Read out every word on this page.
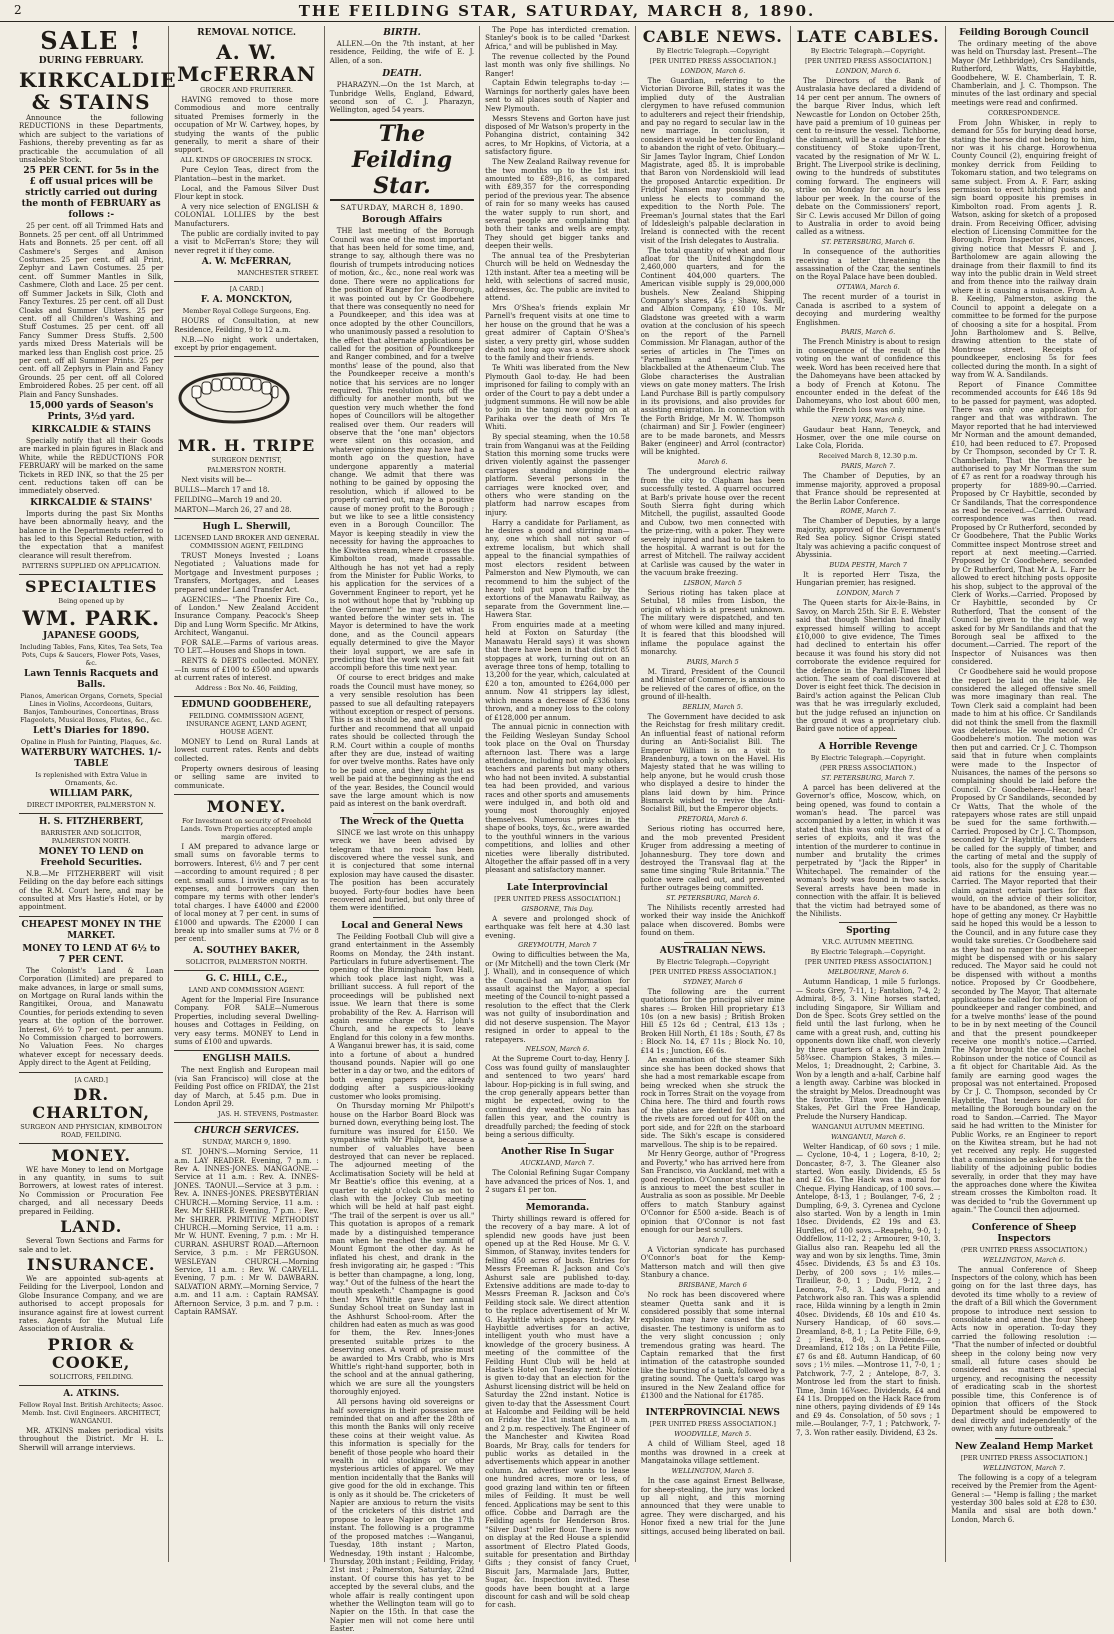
2	THE FEILDING STAR, SATURDAY, MARCH 8, 1890.
SALE !
DURING FEBRUARY.
KIRKCALDIE & STAINS

Announce the following REDUCTIONS in these Departments, which are subject to the variations of Fashions, thereby preventing as far as practicable the accumulation of all unsaleable Stock.

25 PER CENT. for 5s in the £ off usual prices will be strictly carried out during the month of FEBRUARY as follows :-

25 per cent. off all Trimmed Hats and Bonnets. 25 per cent. off all Untrimmed Hats and Bonnets. 25 per cent. off all Cashmere's Serges and Amison Costumes. 25 per cent. off all Print, Zephyr and Lawn Costumes. 25 per cent. off Summer Mantles in Silk, Cashmere, Cloth and Lace. 25 per cent. off Summer Jackets in Silk, Cloth and Fancy Textures. 25 per cent. off all Dust Cloaks and Summer Ulsters. 25 per cent. off all Children's Washing and Stuff Costumes. 25 per cent. off all Fancy Summer Dress Stuffs. 2,500 yards mixed Dress Materials will be marked less than English cost price. 25 per cent. off all Summer Prints. 25 per cent. off all Zephyrs in Plain and Fancy Grounds. 25 per cent. off all Colored Embroidered Robes. 25 per cent. off all Plain and Fancy Sunshades.

15,000 yards of Season's Prints, 3½d yard.
KIRKCALDIE & STAINS

Specially notify that all their Goods are marked in plain figures in Black and White, while the REDUCTIONS FOR FEBRUARY will be marked on the same Tickets in RED INK, so that the 25 per cent. reductions taken off can be immediately observed.

KIRKCALDIE & STAINS'

Imports during the past Six Months have been abnormally heavy, and the balance in the Departments referred to has led to this Special Reduction, with the expectation that a manifest clearance will result therefrom.

PATTERNS SUPPLIED ON APPLICATION.
SPECIALTIES
Being opened up by
WM. PARK.
JAPANESE GOODS,
Including Tables, Fans, Kites, Tea Sets, Tea Pots, Cups & Saucers, Flower Pots, Vases, &c.
Lawn Tennis Racquets and Balls.
Pianos, American Organs, Cornets, Special Lines in Violins, Accordeons, Guitars, Banjos, Tambourines, Concertinas, Brass Flageolets, Musical Boxes, Flutes, &c., &c.
Lett's Diaries for 1890.
Opaline in Plush for Painting, Plaques, &c.
WATERBURY WATCHES. 1/- TABLE
Is replenished with Extra Value in Ornaments, &c.
WILLIAM PARK,
DIRECT IMPORTER, PALMERSTON N.
H. S. FITZHERBERT,
BARRISTER AND SOLICITOR, PALMERSTON NORTH.
MONEY TO LEND on Freehold Securities.

N.B.—Mr FITZHERBERT will visit Feilding on the day before each sittings of the R.M. Court here, and may be consulted at Mrs Hastie's Hotel, or by appointment.

CHEAPEST MONEY IN THE MARKET.
MONEY TO LEND AT 6½ to 7 PER CENT.

The Colonist's Land & Loan Corporation (Limited) are prepared to make advances, in large or small sums, on Mortgage on Rural lands within the Rangitikei, Oroua, and Manawatu Counties, for periods extending to seven years at the option of the borrower. Interest, 6½ to 7 per cent. per annum. No Commission charged to borrowers. No Valuation Fees. No charges whatever except for necessary deeds. Apply direct to the Agent at Feilding,

[A CARD.]
DR. CHARLTON,
SURGEON AND PHYSICIAN, KIMBOLTON ROAD, FEILDING.
MONEY.

WE have Money to lend on Mortgage in any quantity, in sums to suit Borrowers, at lowest rates of interest. No Commission or Procuration Fee charged, and all necessary Deeds prepared in Feilding.

LAND.

Several Town Sections and Farms for sale and to let.

INSURANCE.

We are appointed sub-agents at Feilding for the Liverpool, London and Globe Insurance Company, and we are authorised to accept proposals for insurance against fire at lowest current rates. Agents for the Mutual Life Association of Australia.

PRIOR & COOKE,
SOLICITORS, FEILDING.
A. ATKINS.
Fellow Royal Inst. British Architects; Assoc. Memb. Inst. Civil Engineers. ARCHITECT, WANGANUI.

MR. ATKINS makes periodical visits throughout the District. Mr H. L. Sherwill will arrange interviews.

REMOVAL NOTICE.
A. W. McFERRAN
GROCER AND FRUITERER.

HAVING removed to those more Commodious and more centrally situated Premises formerly in the occupation of Mr W. Cartwey, hopes, by studying the wants of the public generally, to merit a share of their support.

ALL KINDS OF GROCERIES IN STOCK.

Pure Ceylon Teas, direct from the Plantation—best in the market.

Local, and the Famous Silver Dust Flour kept in stock.

A very nice selection of ENGLISH & COLONIAL LOLLIES by the best Manufacturers.

The public are cordially invited to pay a visit to McFerran's Store; they will never regret it if they come.

A. W. McFERRAN,
MANCHESTER STREET.
[A CARD.]
F. A. MONCKTON,
Member Royal College Surgeons, Eng.

HOURS of Consultation, at new Residence, Feilding, 9 to 12 a.m.

N.B.—No night work undertaken, except by prior engagement.

MR. H. TRIPE
SURGEON DENTIST,
PALMERSTON NORTH.

Next visits will be—

BULLS—March 17 and 18.

FEILDING—March 19 and 20.

MARTON—March 26, 27 and 28.

Hugh L. Sherwill,
LICENSED LAND BROKER AND GENERAL COMMISSION AGENT, FEILDING

TRUST Moneys Invested ; Loans Negotiated ; Valuations made for Mortgage and Investment purposes ; Transfers, Mortgages, and Leases prepared under Land Transfer Act.

AGENCIES— "The Phoenix Fire Co., of London." New Zealand Accident Insurance Company. Peacock's Sheep Dip and Lung Worm Specific. Mr Atkins, Architect, Wanganui.

FOR SALE.—Farms of various areas. TO LET.—Houses and Shops in town.

RENTS & DEBTS collected. MONEY.—In sums of £100 to £500 and upwards at current rates of interest.

Address : Box No. 46, Feilding,
EDMUND GOODBEHERE,
FEILDING. COMMISSION AGENT, INSURANCE AGENT, LAND AGENT, HOUSE AGENT.

MONEY to Lend on Rural Lands at lowest current rates. Rents and debts collected.

Property owners desirous of leasing or selling same are invited to communicate.

MONEY.
For Investment on security of Freehold Lands. Town Properties accepted ample margin offered.

I AM prepared to advance large or small sums on favorable terms to borrowers. Interest, 6½ and 7 per cent—according to amount required ; 8 per cent. small sums. I invite enquiry as to expenses, and borrowers can then compare my terms with other lender's total charges. I have £4000 and £2000 of local money at 7 per cent. in sums of £1000 and upwards. The £2000 I can break up into smaller sums at 7½ or 8 per cent.

A. SOUTHEY BAKER,
SOLICITOR, PALMERSTON NORTH.
G. C. HILL, C.E.,
LAND AND COMMISSION AGENT.

Agent for the Imperial Fire Insurance Company. FOR SALE—Numerous Properties, including several Dwelling-houses and Cottages in Feilding, on very easy terms. MONEY to Lend in sums of £100 and upwards.

ENGLISH MAILS.

The next English and European mail (via San Francisco) will close at the Feilding Post office on FRIDAY, the 21st day of March, at 5.45 p.m. Due in London April 29.

JAS. H. STEVENS, Postmaster.
CHURCH SERVICES.
SUNDAY, MARCH 9, 1890.

ST. JOHN'S.—Morning Service, 11 a.m. LAY READER. Evening, 7 p.m. : Rev A. INNES-JONES. MANGAONE.—Service at 11 a.m. : Rev. A. INNES-JONES. TAONUI.—Service at 3 p.m. : Rev. A. INNES-JONES. PRESBYTERIAN CHURCH.—Morning Service, 11 a.m. : Rev. Mr SHIRER. Evening, 7 p.m. : Rev. Mr SHIRER. PRIMITIVE METHODIST CHURCH.—Morning Service, 11 a.m. : Mr W. HUNT. Evening, 7 p.m. : Mr H. CURRAN. ASHURST ROAD.—Afternoon Service, 3 p.m. : Mr FERGUSON. WESLEYAN CHURCH.—Morning Service, 11 a.m. : Rev. W. CARVELL. Evening, 7 p.m. : Mr W. DAWBARN. SALVATION ARMY.—Morning Service, 7 a.m. and 11 a.m. : Captain RAMSAY. Afternoon Service, 3 p.m. and 7 p.m. : Captain RAMSAY.

BIRTH.

ALLEN.—On the 7th instant, at her residence, Feilding, the wife of E. J. Allen, of a son.

DEATH.

PHARAZYN.—On the 1st March, at Tunbridge Wells, England, Edward, second son of C. J. Pharazyn, Wellington, aged 54 years.

The Feilding Star.
SATURDAY, MARCH 8, 1890.
Borough Affairs

THE last meeting of the Borough Council was one of the most important that has been held for some time, and, strange to say, although there was no flourish of trumpets introducing notices of motion, &c., &c., none real work was done. There were no applications for the position of Ranger for the Borough, it was pointed out by Cr Goodbehere that there was consequently no need for a Poundkeeper, and this idea was at once adopted by the other Councillors, who unanimously passed a resolution to the effect that alternate applications be called for the position of Poundkeeper and Ranger combined, and for a twelve months' lease of the pound, also that the Poundkeeper receive a month's notice that his services are no longer required. This resolution puts off the difficulty for another month, but we question very much whether the fond hopes of Councillors will be altogether realised over them. Our readers will observe that the "one man" objectors were silent on this occasion, and whatever opinions they may have had a month ago on the question, have undergone apparently a material change. We admit that there was nothing to be gained by opposing the resolution, which if allowed to be properly carried out, may be a positive cause of money profit to the Borough ; but we like to see a little consistency even in a Borough Councillor. The Mayor is keeping steadily in view the necessity for having the approaches to the Kiwitea stream, where it crosses the Kimbolton road, made passable. Although he has not yet had a reply from the Minister for Public Works, to his application for the services of a Government Engineer to report, yet he is not without hope that by "rubbing up the Government" he may get what is wanted before the winter sets in. The Mayor is determined to have the work done, and as the Council appears equally determined to give the Mayor their loyal support, we are safe in predicting that the work will be un fait accompli before this time next year.

Of course to erect bridges and make roads the Council must have money, so a very sensible resolution has been passed to sue all defaulting ratepayers without exception or respect of persons. This is as it should be, and we would go further and recommend that all unpaid rates should be collected through the R.M. Court within a couple of months after they are due, instead of waiting for over twelve months. Rates have only to be paid once, and they might just as well be paid at the beginning as the end of the year. Besides, the Council would save the large amount which is now paid as interest on the bank overdraft.

The Wreck of the Quetta

SINCE we last wrote on this unhappy wreck we have been advised by telegram that no rock has been discovered where the vessel sunk, and it is conjectured that some internal explosion may have caused the disaster. The position has been accurately buoyed. Forty-four bodies have been recovered and buried, but only three of them were identified.

Local and General News

The Feilding Football Club will give a grand entertainment in the Assembly Rooms on Monday, the 24th instant. Particulars in future advertisement. The opening of the Birmingham Town Hall, which took place last night, was a brilliant success. A full report of the proceedings will be published next issue. We learn that there is some probability of the Rev. A. Harrison will again resume charge of St. John's Church, and he expects to leave England for this colony in a few months. A Wanganui brewer has, it is said, come into a fortune of about a hundred thousand pounds. Napier will go one better in a day or two, and the editors of both evening papers are already dodging after a suspicious-looking customer who looks promising.

On Thursday morning Mr Philpott's house on the Harbor Board Block was burned down, everything being lost. The furniture was insured for £150. We sympathise with Mr Philpott, because a number of valuables have been destroyed that can never be replaced. The adjourned meeting of the Acclimatisation Society will be held at Mr Beattie's office this evening, at a quarter to eight o'clock so as not to clash with the Jockey Club meeting which will be held at half past eight. "The trail of the serpent is over us all." This quotation is apropos of a remark made by a distinguished temperance man when he reached the summit of Mount Egmont the other day. As he inflated his chest, and drank in the fresh invigorating air, he gasped : "This is better than champagne, a long, long, way." Out of the fulness of the heart the mouth speaketh." Champagne is good then! Mrs Whittle gave her annual Sunday School treat on Sunday last in the Ashhurst School-room. After the children had eaten as much as was good for them, the Rev. Innes-Jones presented suitable prizes to the deserving ones. A word of praise must be awarded to Mrs Crabb, who is Mrs Whittle's right-hand supporter, both in the school and at the annual gathering, which we are sure all the youngsters thoroughly enjoyed.

All persons having old sovereigns or half sovereigns in their possession are reminded that on and after the 28th of this month the Banks will only receive these coins at their weight value. As this information is specially for the benefit of those people who hoard their wealth in old stockings or other mysterious articles of apparel. We may mention incidentally that the Banks will give good for the old in exchange. This is only as it should be. The cricketers of Napier are anxious to return the visits of the cricketers of this district and propose to leave Napier on the 17th instant. The following is a programme of the proposed matches :—Wanganui, Tuesday, 18th instant ; Marton, Wednesday, 19th instant ; Halcombe, Thursday, 20th instant ; Feilding, Friday, 21st inst ; Palmerston, Saturday, 22nd instant. Of course this has yet to be accepted by the several clubs, and the whole affair is really contingent upon whether the Wellington team will go to Napier on the 15th. In that case the Napier men will not come here until Easter.

The Pope has interdicted cremation. Stanley's book is to be called "Darkest Africa," and will be published in May.

The revenue collected by the Pound last month was only five shillings. No Ranger!

Captain Edwin telegraphs to-day :— Warnings for northerly gales have been sent to all places south of Napier and New Plymouth.

Messrs Stevens and Gorton have just disposed of Mr Watson's property in the Pohangina district, containing 342 acres, to Mr Hopkins, of Victoria, at a satisfactory figure.

The New Zealand Railway revenue for the two months up to the 1st inst. amounted to £89-,816, as compared with £89,357 for the corresponding period of the previous year. The absence of rain for so many weeks has caused the water supply to run short, and several people are complaining that both their tanks and wells are empty. They should get bigger tanks and deepen their wells.

The annual tea of the Presbyterian Church will be held on Wednesday the 12th instant. After tea a meeting will be held, with selections of sacred music, addresses, &c. The public are invited to attend.

Mrs O'Shea's friends explain Mr Parnell's frequent visits at one time to her house on the ground that he was a great admirer of Captain O'Shea's sister, a very pretty girl, whose sudden death not long ago was a severe shock to the family and their friends.

Te Whiti was liberated from the New Plymouth Gaol to-day. He had been imprisoned for failing to comply with an order of the Court to pay a debt under a judgment summons. He will now be able to join in the tangi now going on at Parihaka over the death of Mrs Te Whiti.

By special steaming, when the 10.58 train from Wanganui was at the Feilding Station this morning some trucks were driven violently against the passenger carriages standing alongside the platform. Several persons in the carriages were knocked over, and others who were standing on the platform had narrow escapes from injury.

Harry a candidate for Parliament, as he desires a good and stirring man—any, one which shall not savor of extreme localism, but which shall appeal to the financial sympathies of most electors resident between Palmerston and New Plymouth, we can recommend to him the subject of the heavy toll put upon traffic by the extortions of the Manawatu Railway, as separate from the Government line.—Hawera Star.

From enquiries made at a meeting held at Foxton on Saturday (the Manawatu Herald says) it was shown that there have been in that district 85 stoppages at work, turning out on an average three tons of hemp, totalling to 13,200 for the year, which, calculated at £20 a ton, amounted to £264,000 per annum. Now 41 strippers lay idlest, which means a decrease of £336 tons thrown, and a money loss to the colony of £128,000 per annum.

The annual picnic in connection with the Feilding Wesleyan Sunday School took place on the Oval on Thursday afternoon last. There was a large attendance, including not only scholars, teachers and parents but many others who had not been invited. A substantial tea had been provided, and various races and other sports and amusements were indulged in, and both old and young most thoroughly enjoyed themselves. Numerous prizes in the shape of books, toys, &c., were awarded to the youthful winners in the various competitions, and lollies and other niceties were liberally distributed. Altogether the affair passed off in a very pleasant and satisfactory manner.

Late Interprovincial
[PER UNITED PRESS ASSOCIATION.]
GISBORNE, This Day.

A severe and prolonged shock of earthquake was felt here at 4.30 last evening.

GREYMOUTH, March 7

Owing to difficulties between the Ma, or (Mr Mitchell) and the town Clerk (Mr J. Whall), and in consequence of which the Council-had an information for assault against the Mayor, a special meeting of the Council to-night passed a resolution to the effect that the Clerk was not guilty of insubordination and did not deserve suspension. The Mayor resigned in order to appeal to the ratepayers.

NELSON, March 6.

At the Supreme Court to-day, Henry J. Coss was found guilty of manslaughter and sentenced to two years' hard labour. Hop-picking is in full swing, and the crop generally appears better than might be expected, owing to the continued dry weather. No rain has fallen this year, and the country is dreadfully parched; the feeding of stock being a serious difficulty.

Another Rise In Sugar
AUCKLAND, March 7.

The Colonial Refining Sugar Company have advanced the prices of Nos. 1, and 2 sugars £1 per ton.

Memoranda.

Thirty shillings reward is offered for the recovery of a bay mare. A lot of splendid new goods have just been opened up at the Red House. Mr G. V. Simmon, of Stanway, invites tenders for felling 450 acres of bush. Entries for Messrs Freeman R. Jackson and Co's Ashurst sale are published to-day. Extensive additions are made to-day to Messrs Freeman R. Jackson and Co's Feilding stock sale. We direct attention to the replace advertisement of Mr W. G. Haybittle which appears to-day. Mr Haybittle advertises for an active, intelligent youth who must have a knowledge of the grocery business. A meeting of the committee of the Feilding Hunt Club will be held at Hastie's Hotel on Tuesday next. Notice is given to-day that an election for the Ashurst licensing district will be held on Saturday the 22nd instant. Notice is given to-day that the Assessment Court at Halcombe and Feilding will be held on Friday the 21st instant at 10 a.m. and 2 p.m. respectively. The Engineer of the Manchester and Kiwitea Road Boards, Mr Bray, calls for tenders for public works as detailed in the advertisements which appear in another column. An advertiser wants to lease one hundred acres, more or less, of good grazing land within ten or fifteen miles of Feilding. It must be well fenced. Applications may be sent to this office. Cobbe and Darragh are the Feilding agents for Henderson Bros. "Silver Dust" roller flour. There is now on display at the Red House a splendid assortment of Electro Plated Goods, suitable for presentation and Birthday Gifts ; they consist of fancy Cruet, Biscuit Jars, Marmalade Jars, Butter, Sugar, &c. Inspection invited. These goods have been bought at a large discount for cash and will be sold cheap for cash.

CABLE NEWS.
By Electric Telegraph.—Copyright
[PER UNITED PRESS ASSOCIATION.]
LONDON, March 6.

The Guardian, referring to the Victorian Divorce Bill, states it was the implied duty of the Australian clergymen to have refused communion to adulterers and reject their friendship, and pay no regard to secular law in the new marriage. In conclusion, it considers it would be better for England to abandon the right of veto. Obituary.—Sir James Taylor Ingram, Chief London Magistrate, aged 85. It is improbable that Baron von Nordenskiold will lead the proposed Antarctic expedition. Dr Fridtjof Nansen may possibly do so, unless he elects to command the expedition to the North Pole. The Freeman's Journal states that the Earl of Iddesleigh's palpable declaration in Ireland is connected with the recent visit of the Irish delegates to Australia.

The total quantity of wheat and flour afloat for the United Kingdom is 2,460,000 quarters, and for the Continent 404,000 quarters. The American visible supply is 29,000,000 bushels. New Zealand Shipping Company's shares, 45s ; Shaw, Savill, and Albion Company, £10 10s. Mr Gladstone was greeted with a warm ovation at the conclusion of his speech on the report of the Parnell Commission. Mr Flanagan, author of the series of articles in The Times on "Parnellism and Crime," was blackballed at the Athenaeum Club. The Globe characterises the Australian views on gate money matters. The Irish Land Purchase Bill is partly compulsory in its provisions, and also provides for assisting emigration. In connection with the Forth Bridge, Mr M. W. Thompson (chairman) and Sir J. Fowler (engineer) are to be made baronets, and Messrs Baker (engineer) and Arrol (contractor) will be knighted.

March 6.

The underground electric railway from the city to Clapham has been successfully tested. A quarrel occurred at Barb's private house over the recent South Sierra fight during which Mitchell, the pugilist, assaulted Goode and Cubow, two men connected with the prize-ring, with a poker. They were severely injured and had to be taken to the hospital. A warrant is out for the arrest of Mitchell. The railway accident at Carlisle was caused by the water in the vacuum brake freezing.

LISBON, March 5

Serious rioting has taken place at Setubal, 18 miles from Lisbon, the origin of which is at present unknown. The military were dispatched, and ten of whom were killed and many injured. It is feared that this bloodshed will inflame the populace against the monarchy.

PARIS, March 5

M. Tirard, President of the Council and Minister of Commerce, is anxious to be relieved of the cares of office, on the ground of ill-health.

BERLIN, March 5.

The Government have decided to ask the Reichstag for fresh military credit. An influential feast of national reform during an Anti-Socialist Bill. The Emperor William is on a visit to Brandenburg, a town on the Havel. His Majesty stated that he was willing to help anyone, but he would crush those who displayed a desire to hinder the plans laid down by him. Prince Bismarck wished to revive the Anti-Socialist Bill, but the Emperor objects.

PRETORIA, March 6.

Serious rioting has occurred here, and the mob prevented President Kruger from addressing a meeting of Johannesburg. They tore down and destroyed the Transvaal flag at the same time singing "Rule Britannia." The police were called out, and prevented further outrages being committed.

ST. PETERSBURG, March 6.

The Nihilists recently arrested had worked their way inside the Anichkoff palace when discovered. Bombs were found on them.

AUSTRALIAN NEWS.
By Electric Telegraph.—Copyright
[PER UNITED PRESS ASSOCIATION.]
SYDNEY, March 6

The following are the current quotations for the principal silver mine shares :— Broken Hill proprietary £13 10s (on a new basis) ; British Broken Hill £5 12s 6d ; Central, £13 13s ; Broken Hill North, £1 18s ; South, £7 8s : Block No. 14, £7 11s ; Block No. 10, £14 1s ; Junction, £6 6s.

An examination of the steamer Sikh since she has been docked shows that she had a most remarkable escape from being wrecked when she struck the rock in Torres Strait on the voyage from China here. The third and fourth rows of the plates are dented for 13in, and the rivets are forced out for 40ft on the port side, and for 22ft on the starboard side. The Sikh's escape is considered marvellous. The ship is to be repaired.

Mr Henry George, author of "Progress and Poverty," who has arrived here from San Francisco, via Auckland, met with a good reception. O'Connor states that he is anxious to meet the best sculler in Australia as soon as possible. Mr Deeble offers to match Stanbury against O'Connor for £500 a-side. Beach is of opinion that O'Connor is not fast enough for our best scullers.

March 7.

A Victorian syndicate has purchased O'Connor's boat for the Kemp-Matterson match and will then give Stanbury a chance.

BRISBANE, March 6

No rock has been discovered where steamer Quetta sank and it is considered possibly that some internal explosion may have caused the sad disaster. The testimony is uniform as to the very slight concussion ; only tremendous grating was heard. The Captain remarked that the first intimation of the catastrophe sounded like the bursting of a tank, followed by a grating sound. The Quetta's cargo was insured in the New Zealand office for £1300 and the National for £1785.

INTERPROVINCIAL NEWS
[PER UNITED PRESS ASSOCIATION.]
WOODVILLE, March 5.

A child of William Steel, aged 18 months was drowned in a creek at Mangatainoka village settlement.

WELLINGTON, March 5.

In the case against Ernest Bellwase, for sheep-stealing, the jury was locked up all night, and this morning announced that they were unable to agree. They were discharged, and his Honor fixed a new trial for the June sittings, accused being liberated on bail.

LATE CABLES.
By Electric Telegraph.—Copyright.
[PER UNITED PRESS ASSOCIATION.]
LONDON, March 6.

The Directors of the Bank of Australasia have declared a dividend of 14 per cent per annum. The owners of the barque River Indus, which left Newcastle for London on October 25th, have paid a premium of 10 guineas per cent to re-insure the vessel. Tichborne, the claimant, will be a candidate for the constituency of Stoke upon-Trent, vacated by the resignation of Mr W. L. Bright. The Liverpool strike is declining, owing to the hundreds of substitutes coming forward. The engineers will strike on Monday for an hour's less labour per week. In the course of the debate on the Commissioners' report, Sir C. Lewis accused Mr Dillon of going to Australia in order to avoid being called as a witness.

ST. PETERSBURG, March 6.

In consequence of the authorities receiving a letter threatening the assassination of the Czar, the sentinels on the Royal Palace have been doubled.

OTTAWA, March 6.

The recent murder of a tourist in Canada is ascribed to a system of decoying and murdering wealthy Englishmen.

PARIS, March 6.

The French Ministry is about to resign in consequence of the result of the voting on the want of confidence this week. Word has been received here that the Dahomeyans have been attacked by a body of French at Kotonu. The encounter ended in the defeat of the Dahomeyans, who lost about 600 men, while the French loss was only nine.

NEW YORK, March 6.

Gaudaur beat Hann, Teneyck, and Hosmer, over the one mile course on Lake Cola, Florida.

Received March 8, 12.30 p.m.
PARIS, March 7.

The Chamber of Deputies, by an immense majority, approved a proposal that France should be represented at the Berlin Labor Conference.

ROME, March 7.

The Chamber of Deputies, by a large majority, approved of the Government's Red Sea policy. Signor Crispi stated Italy was achieving a pacific conquest of Abyssinia.

BUDA PESTH, March 7

It is reported Herr Tisza, the Hungarian premier, has resigned.

LONDON, March 7

The Queen starts for Aix-le-Bains, in Savoy, on March 25th. Sir E. E. Webster said that though Sheridan had finally expressed himself willing to accept £10,000 to give evidence, The Times had declined to entertain his offer because it was found his story did not corroborate the evidence required for the defence in the Parnell-Times libel action. The seam of coal discovered at Dover is eight feet thick. The decision in Baird's action against the Pelican Club was that he was irregularly excluded, but the judge refused an injunction on the ground it was a proprietary club. Baird gave notice of appeal.

A Horrible Revenge
By Electric Telegraph.—Copyright.
(PER PRESS ASSOCIATION.)
ST. PETERSBURG, March 7.

A parcel has been delivered at the Governor's office, Moscow, which, on being opened, was found to contain a woman's head. The parcel was accompanied by a letter, in which it was stated that this was only the first of a series of exploits, and it was the intention of the murderer to continue in number and brutality the crimes perpetrated by "Jack the Ripper" in Whitechapel. The remainder of the woman's body was found in two sacks. Several arrests have been made in connection with the affair. It is believed that the victim had betrayed some of the Nihilists.

Sporting
V.R.C. AUTUMN MEETING.
By Electric Telegraph.—Copyright.
[PER UNITED PRESS ASSOCIATION.]
MELBOURNE, March 6.

Autumn Handicap, 1 mile 5 furlongs.— Scots Grey, 7-11, 1; Fantalion, 7-4, 2; Admiral, 8-5, 3. Nine horses started, including Singapore, Sir William and Don de Spec. Scots Grey settled on the field until the last furlong, when he came with a great rush, and, cutting his opponents down like chaff, won cleverly by three quarters of a length in 2min 58¾sec. Champion Stakes, 3 miles.—Melos, 1; Dreadnought, 2; Carbine, 3. Won by a length and a-half, Carbine half a length away. Carbine was blocked in the straight by Melos. Dreadnought was the favorite. Titan won the Juvenile Stakes, Pet Girl the Free Handicap, Prelude the Nursery Handicap.

WANGANUI AUTUMN MEETING.
WANGANUI, March 6.

Welter Handicap, of 60 sovs ; 1 mile.— Cyclone, 10-4, 1 ; Logera, 8-10, 2; Doncaster, 8-7, 3. The Gleaner also started. Won easily. Dividends, £5 5s and £2 6s. The Hack was a moral for Cheque. Flying Handicap, of 100 sovs.—Antelope, 8-13, 1 ; Boulanger, 7-6, 2 ; Dumpling, 6-9, 3. Cyrenea and Cyclone also started. Won by a length in 1min 18sec. Dividends, £2 19s and £3. Hurdles, of 100 sovs.—Reapehu, 9-0, 1; Oddfellow, 11-12, 2 ; Armourer, 9-10, 3. Giallus also ran. Reapehu led all the way and won by six lengths. Time, 3min 45sec. Dividends, £3 5s and £3 10s. Derby, of 200 sovs ; 1½ miles.—Tirailleur, 8-0, 1 ; Dudu, 9-12, 2 ; Leonora, 7-8, 3. Lady Florin and Patchwork also ran. This was a splendid race, Hilda winning by a length in 2min 40sec. Dividends, £8 10s and £10 4s. Nursery Handicap, of 60 sovs.—Dreamland, 8-8, 1 ; La Petite Fille, 6-9, 2 ; Fiesta, 8-0, 3. Dividends—on Dreamland, £12 18s ; on La Petite Fille, £7 6s and £8. Autumn Handicap, of 60 sovs ; 1½ miles. —Montrose 11, 7-0, 1 ; Patchwork, 7-7, 2 ; Antelope, 8-7, 3. Montrose led from the start to finish. Time, 3min 16¾sec. Dividends, £4 and £4 11s. Dropped on the Hack Race from nine others, paying dividends of £9 14s and £9 4s. Consolation, of 50 sovs ; 1 mile.—Boulanger, 7-7, 1 ; Patchwork, 7-7, 3. Won rather easily. Dividend, £3 2s.

Feilding Borough Council

The ordinary meeting of the above was held on Thursday last. Present—The Mayor (Mr Lethbridge), Crs Sandilands, Rutherford, Watts, Haybittle, Goodbehere, W. E. Chamberlain, T. R. Chamberlain, and J. C. Thompson. The minutes of the last ordinary and special meetings were read and confirmed.

CORRESPONDENCE.

From John Whisker, in reply to demand for 55s for burying dead horse, stating the horse did not belong to him, nor was it his charge. Horowhenua County Council (2), enquiring freight of monkey derrick from Feilding to Tokomaru station, and two telegrams on same subject. From A. F. Farr, asking permission to erect hitching posts and sign board opposite his premises in Kimbolton road. From agents J. R. Watson, asking for sketch of a proposed drain. From Receiving Officer, advising election of Licensing Committee for the Borough. From Inspector of Nuisances, giving notice that Messrs F. and J. Bartholomew are again allowing the drainage from their flaxmill to find its way into the public drain in Weld street and from thence into the railway drain where it is causing a nuisance. From A. B. Keeling, Palmerston, asking the Council to appoint a delegate on a committee to be formed for the purpose of choosing a site for a hospital. From John Bartholomew and S. Bellve, drawing attention to the state of Montrose street. Receipts of poundkeeper, enclosing 5s for fees collected during the month. In a sight of way from W. A. Sandilands.

Report of Finance Committee recommended accounts for £46 18s 9d to be passed for payment, was adopted. There was only one application for ranger and that was withdrawn. The Mayor reported that he had interviewed Mr Norman and the amount demanded, £10, had been reduced to £7. Proposed by Cr Thompson, seconded by Cr T. R. Chamberlain, That the Treasurer be authorised to pay Mr Norman the sum of £7 as rent for a roadway through his property for 1889-90.—Carried. Proposed by Cr Haybittle, seconded by Cr Sandilands, That the correspondence as read be received.—Carried. Outward correspondence was then read. Proposed by Cr Rutherford, seconded by Cr Goodbehere, That the Public Works Committee inspect Montrose street and report at next meeting.—Carried. Proposed by Cr Goodbehere, seconded by Cr Rutherford, That Mr A. L. Farr be allowed to erect hitching posts opposite his shop, subject to the approval of the Clerk of Works.—Carried. Proposed by Cr Haybittle, seconded by Cr Rutherford, That the consent of the Council be given to the right of way asked for by Mr Sandilands and that the Borough seal be affixed to the document.—Carried. The report of the Inspector of Nuisances was then considered.

Cr Goodbehere said he would propose the report be laid on the table. He considered the alleged offensive smell was more imaginary than real. The Town Clerk said a complaint had been made to him at his office. Cr Sandilands did not think the smell from the flaxmill was deleterious. He would second Cr Goodbehere's motion. The motion was then put and carried. Cr J. C. Thompson said that in future when complaints were made to the Inspector of Nuisances, the names of the persons so complaining should be laid before the Council. Cr Goodbehere—Hear, hear! Proposed by Cr Sandilands, seconded by Cr Watts, That the whole of the ratepayers whose rates are still unpaid be sued for the same forthwith.—Carried. Proposed by Cr J. C. Thompson, seconded by Cr Haybittle, That tenders be called for the supply of timber, and the carting of metal and the supply of tools, also for the supply of Charitable aid rations for the ensuing year.—Carried. The Mayor reported that their claim against certain parties for flax would, on the advice of their solicitor, have to be abandoned, as there was no hope of getting any money. Cr Haybittle said he hoped this would be a lesson to the Council, and in any future case they would take sureties. Cr Goodbehere said as they had no ranger the poundkeeper might be dispensed with or his salary reduced. The Mayor said he could not be dispensed with without a months notice. Proposed by Cr Goodbehere, seconded by The Mayor, That alternate applications be called for the position of poundkeeper and ranger combined, and for a twelve months' lease of the pound to be in by next meeting of the Council and that the present poundkeeper receive one month's notice.—Carried. The Mayor brought the case of Rachel Robinson under the notice of Council as a fit object for Charitable Aid. As the family are earning good wages the proposal was not entertained. Proposed by Cr J. C. Thompson, seconded by Cr Haybittle, That tenders be called for metalling the Borough boundary on the road to Sandon.—Carried. The Mayor said he had written to the Minister for Public Works, re an Engineer to report on the Kiwitea stream, but he had not yet received any reply. He suggested that a commission be asked for to fix the liability of the adjoining public bodies severally, in order that they may have the approaches done where the Kiwitea stream crosses the Kimbolton road. It was decided to "rub the Government up again." The Council then adjourned.

Conference of Sheep Inspectors
(PER UNITED PRESS ASSOCIATION.)
WELLINGTON, March 6.

The annual Conference of Sheep Inspectors of the colony, which has been going on for the last three days, has devoted its time wholly to a review of the draft of a Bill which the Government propose to introduce next session to consolidate and amend the four Sheep Acts now in operation. To-day they carried the following resolution :— "That the number of infected or doubtful sheep in the colony being now very small, all future cases should be considered as matters of special urgency, and recognising the necessity of eradicating scab in the shortest possible time, this Conference is of opinion that officers of the Stock Department should be empowered to deal directly and independently of the owner, with any future outbreak."

New Zealand Hemp Market
[PER UNITED PRESS ASSOCIATION.]
WELLINGTON, March 7.

The following is a copy of a telegram received by the Premier from the Agent-General :— "Hemp is falling ; the market yesterday 300 bales sold at £28 to £30. Manila and sisal are both down." London, March 6.
